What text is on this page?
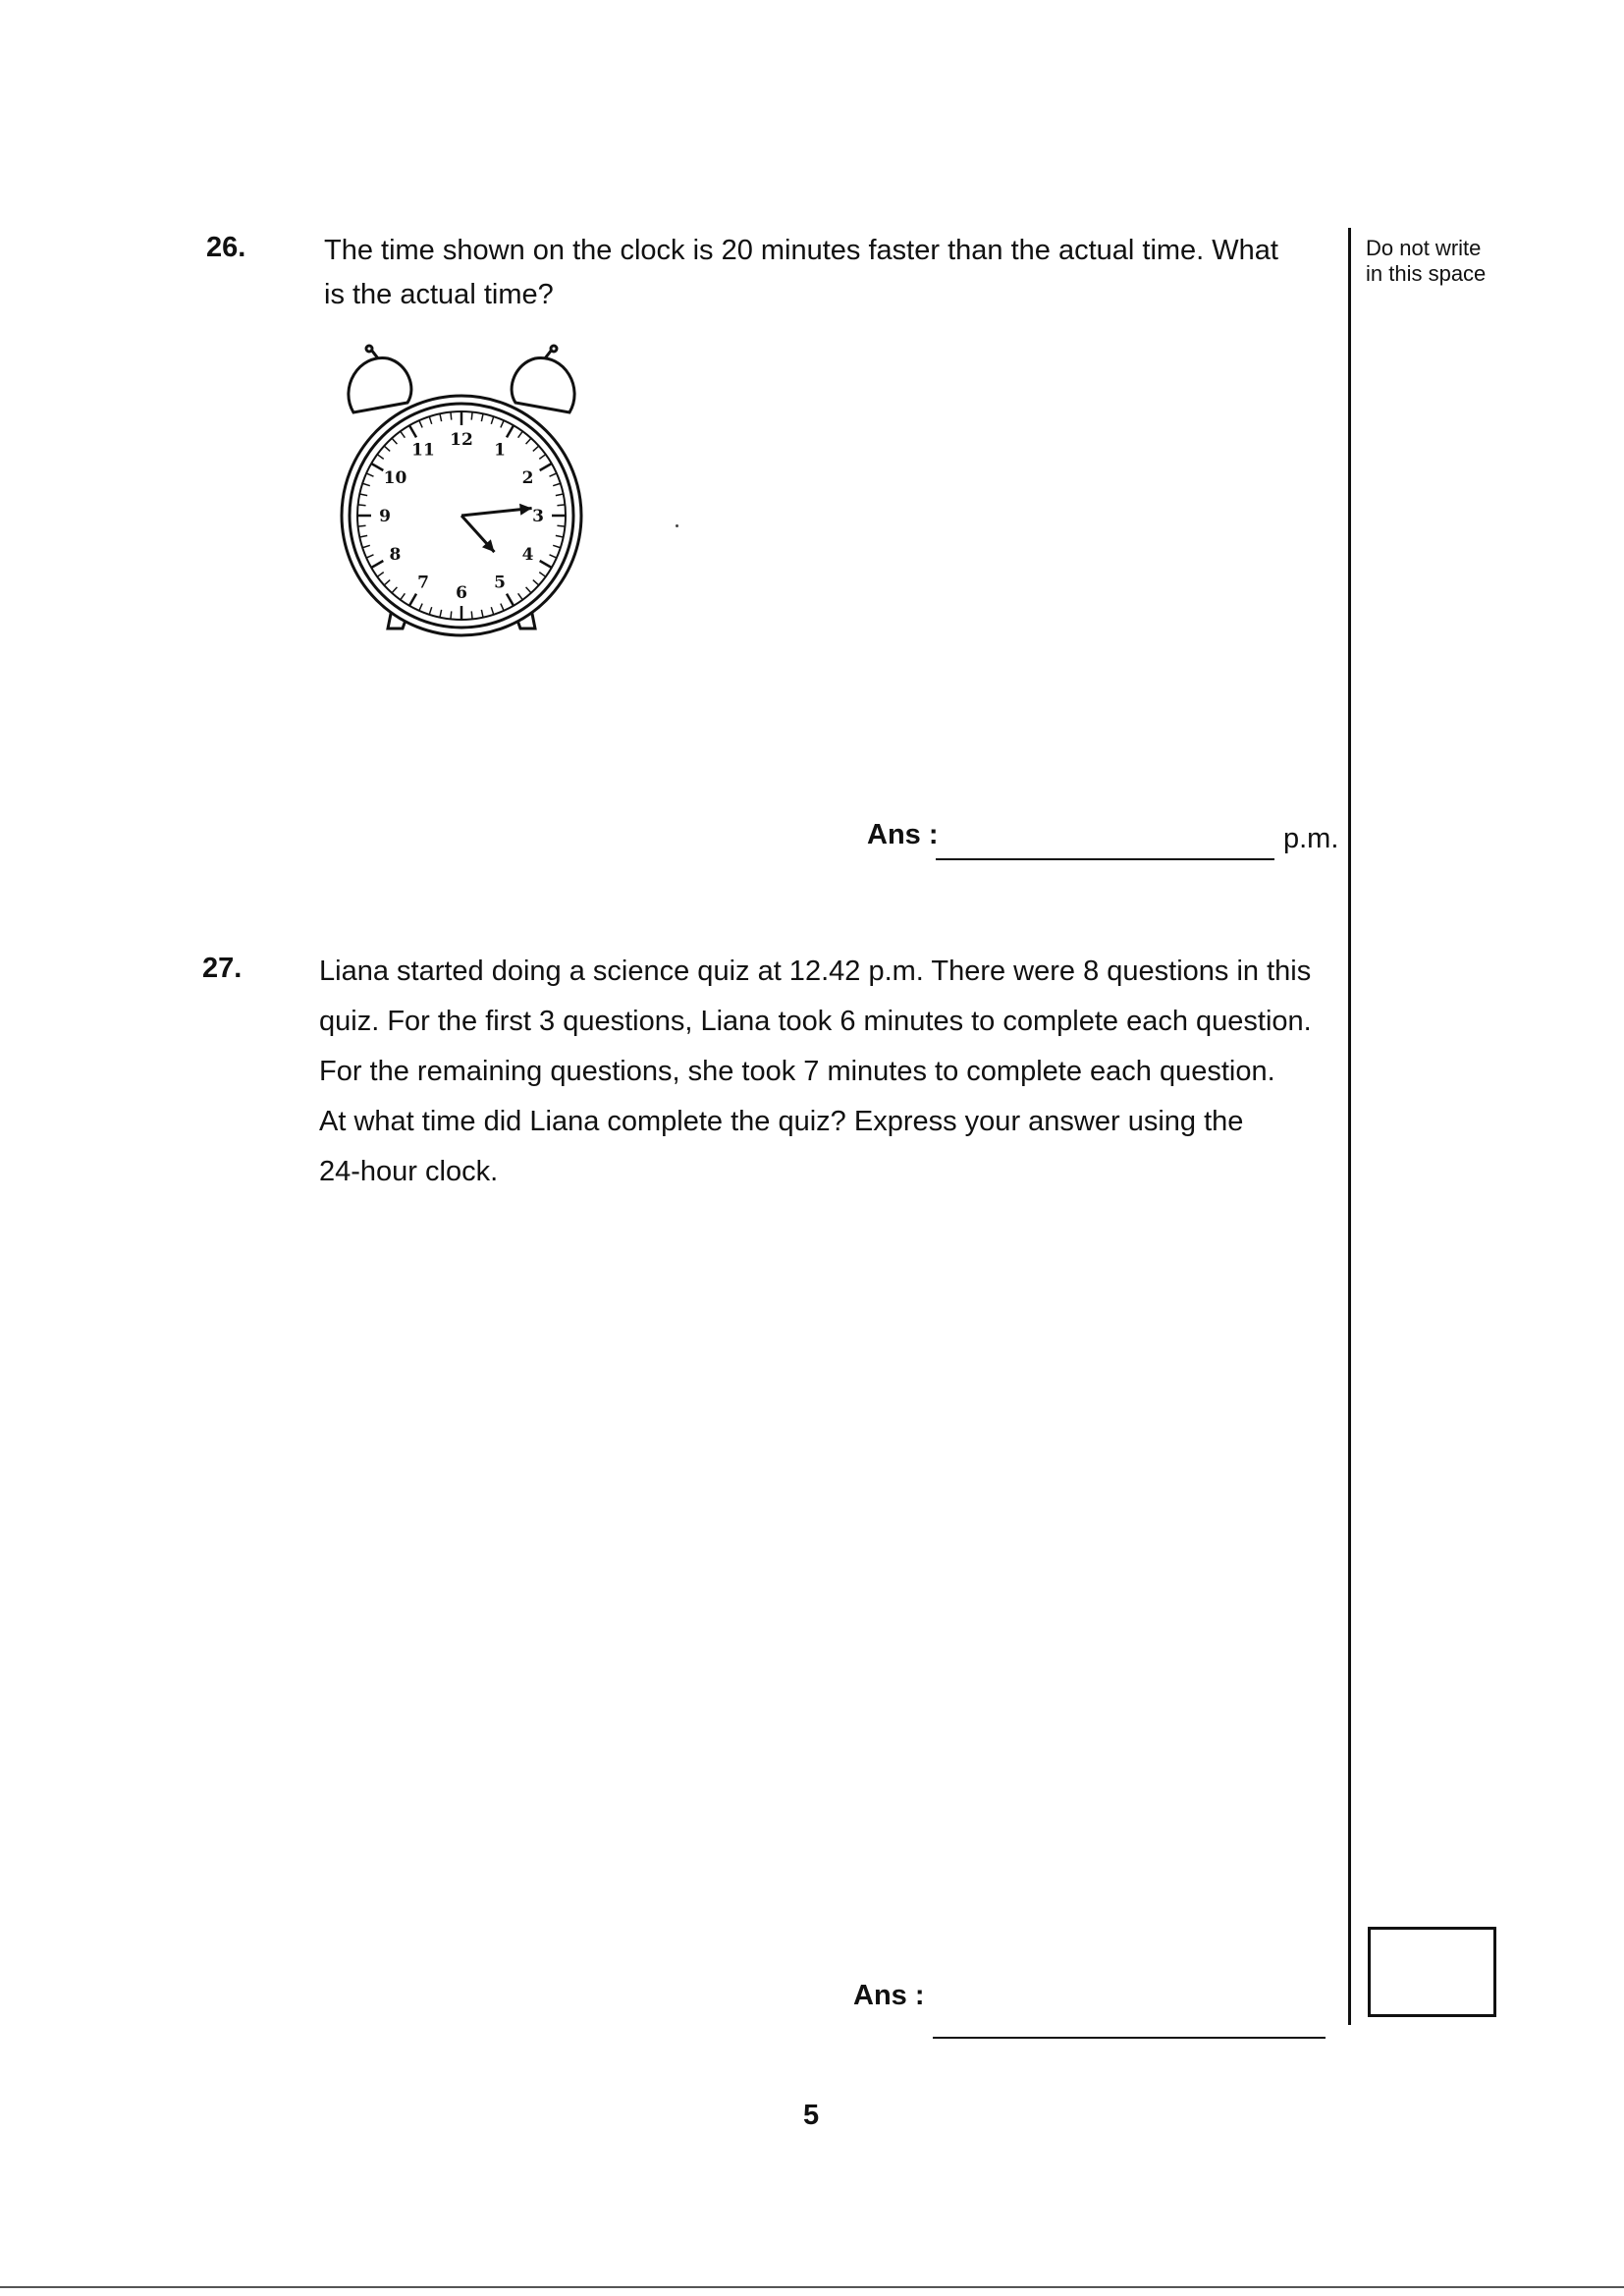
Do not write
in this space
26.	The time shown on the clock is 20 minutes faster than the actual time. What
is the actual time?
12
1
2
3
4
5
6
7
8
9
10
11
Ans :	p.m.
27.	Liana started doing a science quiz at 12.42 p.m. There were 8 questions in this
quiz. For the first 3 questions, Liana took 6 minutes to complete each question.
For the remaining questions, she took 7 minutes to complete each question.
At what time did Liana complete the quiz? Express your answer using the
24-hour clock.
Ans :
5
